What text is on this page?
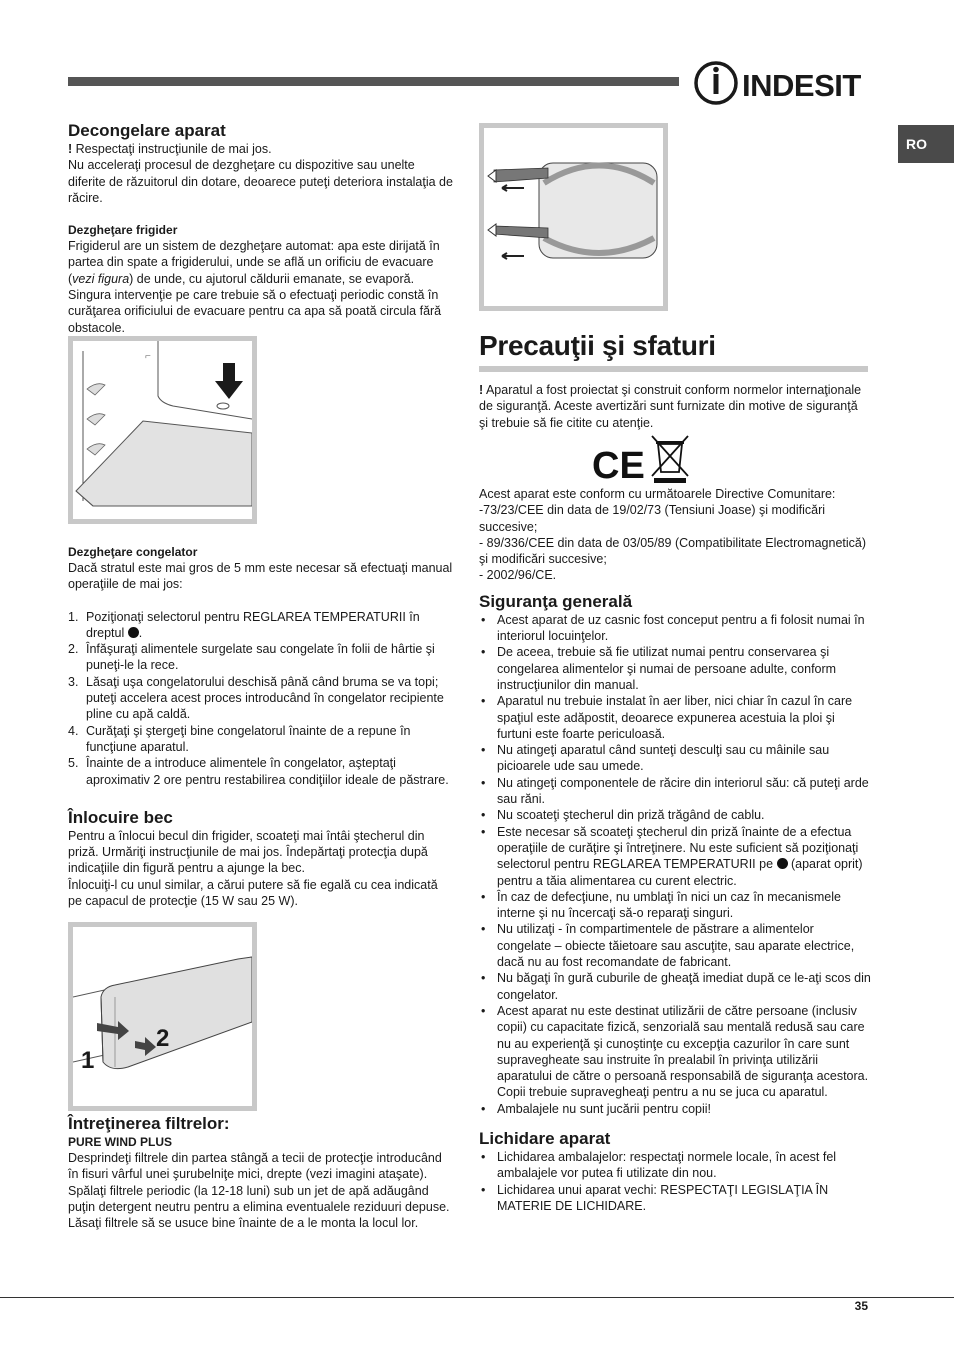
INDESIT
RO
Decongelare aparat

! Respectaţi instrucţiunile de mai jos.

Nu acceleraţi procesul de dezgheţare cu dispozitive sau unelte diferite de răzuitorul din dotare, deoarece puteţi deteriora instalaţia de răcire.

Dezgheţare frigider

Frigiderul are un sistem de dezgheţare automat: apa este dirijată în partea din spate a frigiderului, unde se află un orificiu de evacuare (vezi figura) de unde, cu ajutorul căldurii emanate, se evaporă. Singura intervenţie pe care trebuie să o efectuaţi periodic constă în curăţarea orificiului de evacuare pentru ca apa să poată circula fără obstacole.

⌐
Dezgheţare congelator

Dacă stratul este mai gros de 5 mm este necesar să efectuaţi manual operaţiile de mai jos:

1. Poziţionaţi selectorul pentru REGLAREA TEMPERATURII în dreptul .
2. Înfăşuraţi alimentele surgelate sau congelate în folii de hârtie şi puneţi-le la rece.
3. Lăsaţi uşa congelatorului deschisă până când bruma se va topi; puteţi accelera acest proces introducând în congelator recipiente pline cu apă caldă.
4. Curăţaţi şi ştergeţi bine congelatorul înainte de a repune în funcţiune aparatul.
5. Înainte de a introduce alimentele în congelator, aşteptaţi aproximativ 2 ore pentru restabilirea condiţiilor ideale de păstrare.
Înlocuire bec

Pentru a înlocui becul din frigider, scoateţi mai întâi ştecherul din priză. Urmăriţi instrucţiunile de mai jos. Îndepărtaţi protecţia după indicaţiile din figură pentru a ajunge la bec.

Înlocuiţi-l cu unul similar, a cărui putere să fie egală cu cea indicată pe capacul de protecţie (15 W sau 25 W).

1
2
Întreţinerea filtrelor:
PURE WIND PLUS

Desprindeţi filtrele din partea stângă a tecii de protecţie introducând în fisuri vârful unei şurubelniţe mici, drepte (vezi imagini ataşate).

Spălaţi filtrele periodic (la 12-18 luni) sub un jet de apă adăugând puţin detergent neutru pentru a elimina eventualele reziduuri depuse. Lăsaţi filtrele să se usuce bine înainte de a le monta la locul lor.

Precauţii şi sfaturi

! Aparatul a fost proiectat şi construit conform normelor internaţionale de siguranţă. Aceste avertizări sunt furnizate din motive de siguranţă şi trebuie să fie citite cu atenţie.

CE

Acest aparat este conform cu următoarele Directive Comunitare:

-73/23/CEE din data de 19/02/73 (Tensiuni Joase) şi modificări succesive;

- 89/336/CEE din data de 03/05/89 (Compatibilitate Electromagnetică) şi modificări succesive;

- 2002/96/CE.

Siguranţa generală
• Acest aparat de uz casnic fost conceput pentru a fi folosit numai în interiorul locuinţelor.
• De aceea, trebuie să fie utilizat numai pentru conservarea şi congelarea alimentelor şi numai de persoane adulte, conform instrucţiunilor din manual.
• Aparatul nu trebuie instalat în aer liber, nici chiar în cazul în care spaţiul este adăpostit, deoarece expunerea acestuia la ploi şi furtuni este foarte periculoasă.
• Nu atingeţi aparatul când sunteţi desculţi sau cu mâinile sau picioarele ude sau umede.
• Nu atingeţi componentele de răcire din interiorul său: că puteţi arde sau răni.
• Nu scoateţi ştecherul din priză trăgând de cablu.
• Este necesar să scoateţi ştecherul din priză înainte de a efectua operaţiile de curăţire şi întreţinere. Nu este suficient să poziţionaţi selectorul pentru REGLAREA TEMPERATURII pe  (aparat oprit) pentru a tăia alimentarea cu curent electric.
• În caz de defecţiune, nu umblaţi în nici un caz în mecanismele interne şi nu încercaţi să-o reparaţi singuri.
• Nu utilizaţi - în compartimentele de păstrare a alimentelor congelate – obiecte tăietoare sau ascuţite, sau aparate electrice, dacă nu au fost recomandate de fabricant.
• Nu băgaţi în gură cuburile de gheaţă imediat după ce le-aţi scos din congelator.
• Acest aparat nu este destinat utilizării de către persoane (inclusiv copii) cu capacitate fizică, senzorială sau mentală redusă sau care nu au experienţă şi cunoştinţe cu excepţia cazurilor în care sunt supravegheate sau instruite în prealabil în privinţa utilizării aparatului de către o persoană responsabilă de siguranţa acestora. Copii trebuie supravegheaţi pentru a nu se juca cu aparatul.
• Ambalajele nu sunt jucării pentru copii!
Lichidare aparat
• Lichidarea ambalajelor: respectaţi normele locale, în acest fel ambalajele vor putea fi utilizate din nou.
• Lichidarea unui aparat vechi: RESPECTAŢI LEGISLAŢIA ÎN MATERIE DE LICHIDARE.
35
